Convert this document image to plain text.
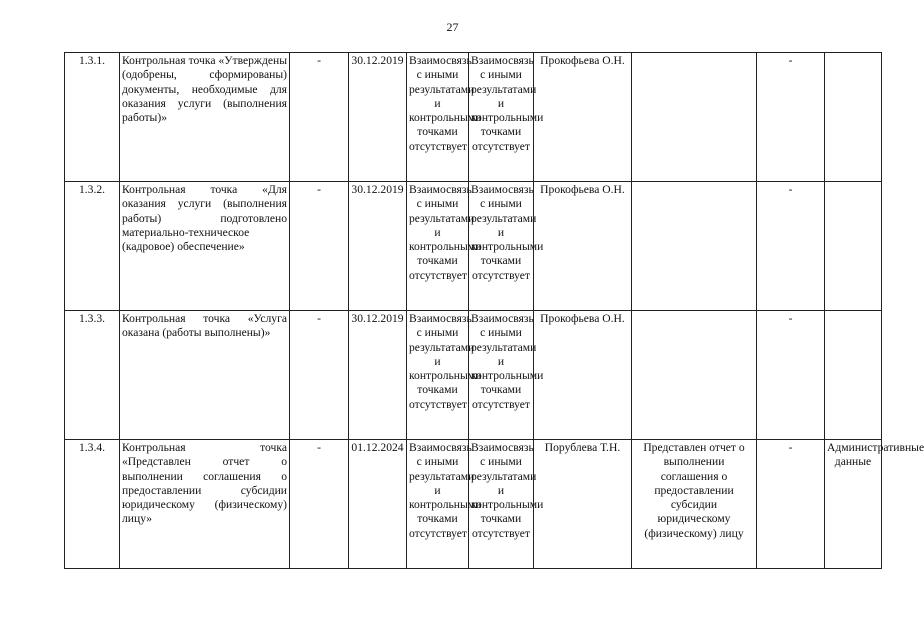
27
1.3.1.	Контрольная точка «Утверждены (одобрены, сформированы) документы, необходимые для оказания услуги (выполнения работы)»	-	30.12.2019	Взаимосвязь с иными результатами и контрольными точками отсутствует	Взаимосвязь с иными результатами и контрольными точками отсутствует	Прокофьева О.Н.		-	
1.3.2.	Контрольная точка «Для оказания услуги (выполнения работы) подготовлено материально-техническое (кадровое) обеспечение»	-	30.12.2019	Взаимосвязь с иными результатами и контрольными точками отсутствует	Взаимосвязь с иными результатами и контрольными точками отсутствует	Прокофьева О.Н.		-	
1.3.3.	Контрольная точка «Услуга оказана (работы выполнены)»	-	30.12.2019	Взаимосвязь с иными результатами и контрольными точками отсутствует	Взаимосвязь с иными результатами и контрольными точками отсутствует	Прокофьева О.Н.		-	
1.3.4.	Контрольная точка «Представлен отчет о выполнении соглашения о предоставлении субсидии юридическому (физическому) лицу»	-	01.12.2024	Взаимосвязь с иными результатами и контрольными точками отсутствует	Взаимосвязь с иными результатами и контрольными точками отсутствует	Порублева Т.Н.	Представлен отчет о выполнении соглашения о предоставлении субсидии юридическому (физическому) лицу	-	Административные данные
